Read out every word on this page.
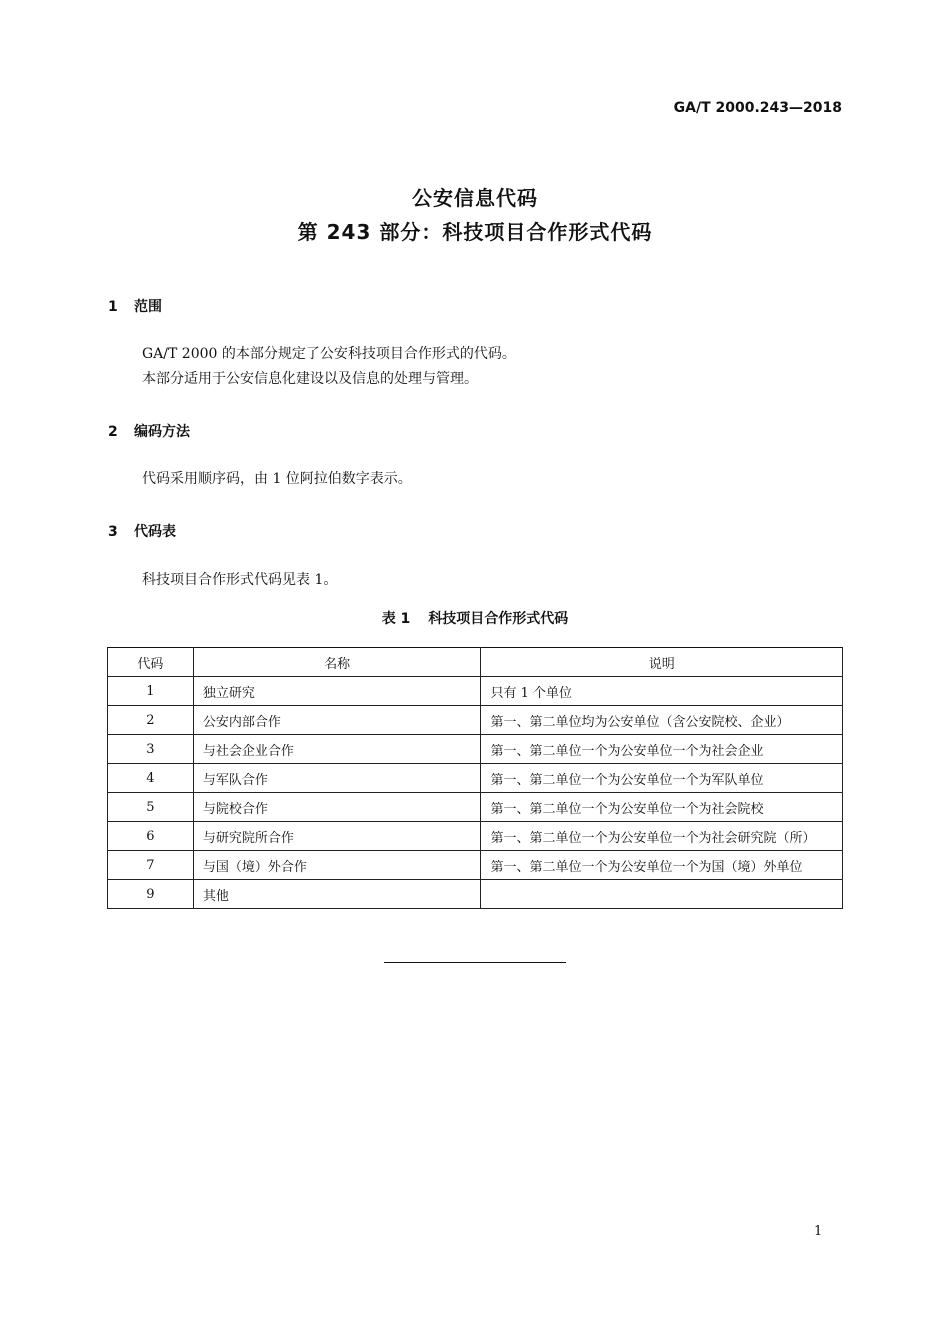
GA/T 2000.243—2018
公安信息代码
第 243 部分：科技项目合作形式代码
1 范围
GA/T 2000 的本部分规定了公安科技项目合作形式的代码。
本部分适用于公安信息化建设以及信息的处理与管理。
2 编码方法
代码采用顺序码，由 1 位阿拉伯数字表示。
3 代码表
科技项目合作形式代码见表 1。
表 1 科技项目合作形式代码
代码	名称	说明
1	独立研究	只有 1 个单位
2	公安内部合作	第一、第二单位均为公安单位（含公安院校、企业）
3	与社会企业合作	第一、第二单位一个为公安单位一个为社会企业
4	与军队合作	第一、第二单位一个为公安单位一个为军队单位
5	与院校合作	第一、第二单位一个为公安单位一个为社会院校
6	与研究院所合作	第一、第二单位一个为公安单位一个为社会研究院（所）
7	与国（境）外合作	第一、第二单位一个为公安单位一个为国（境）外单位
9	其他	
1
